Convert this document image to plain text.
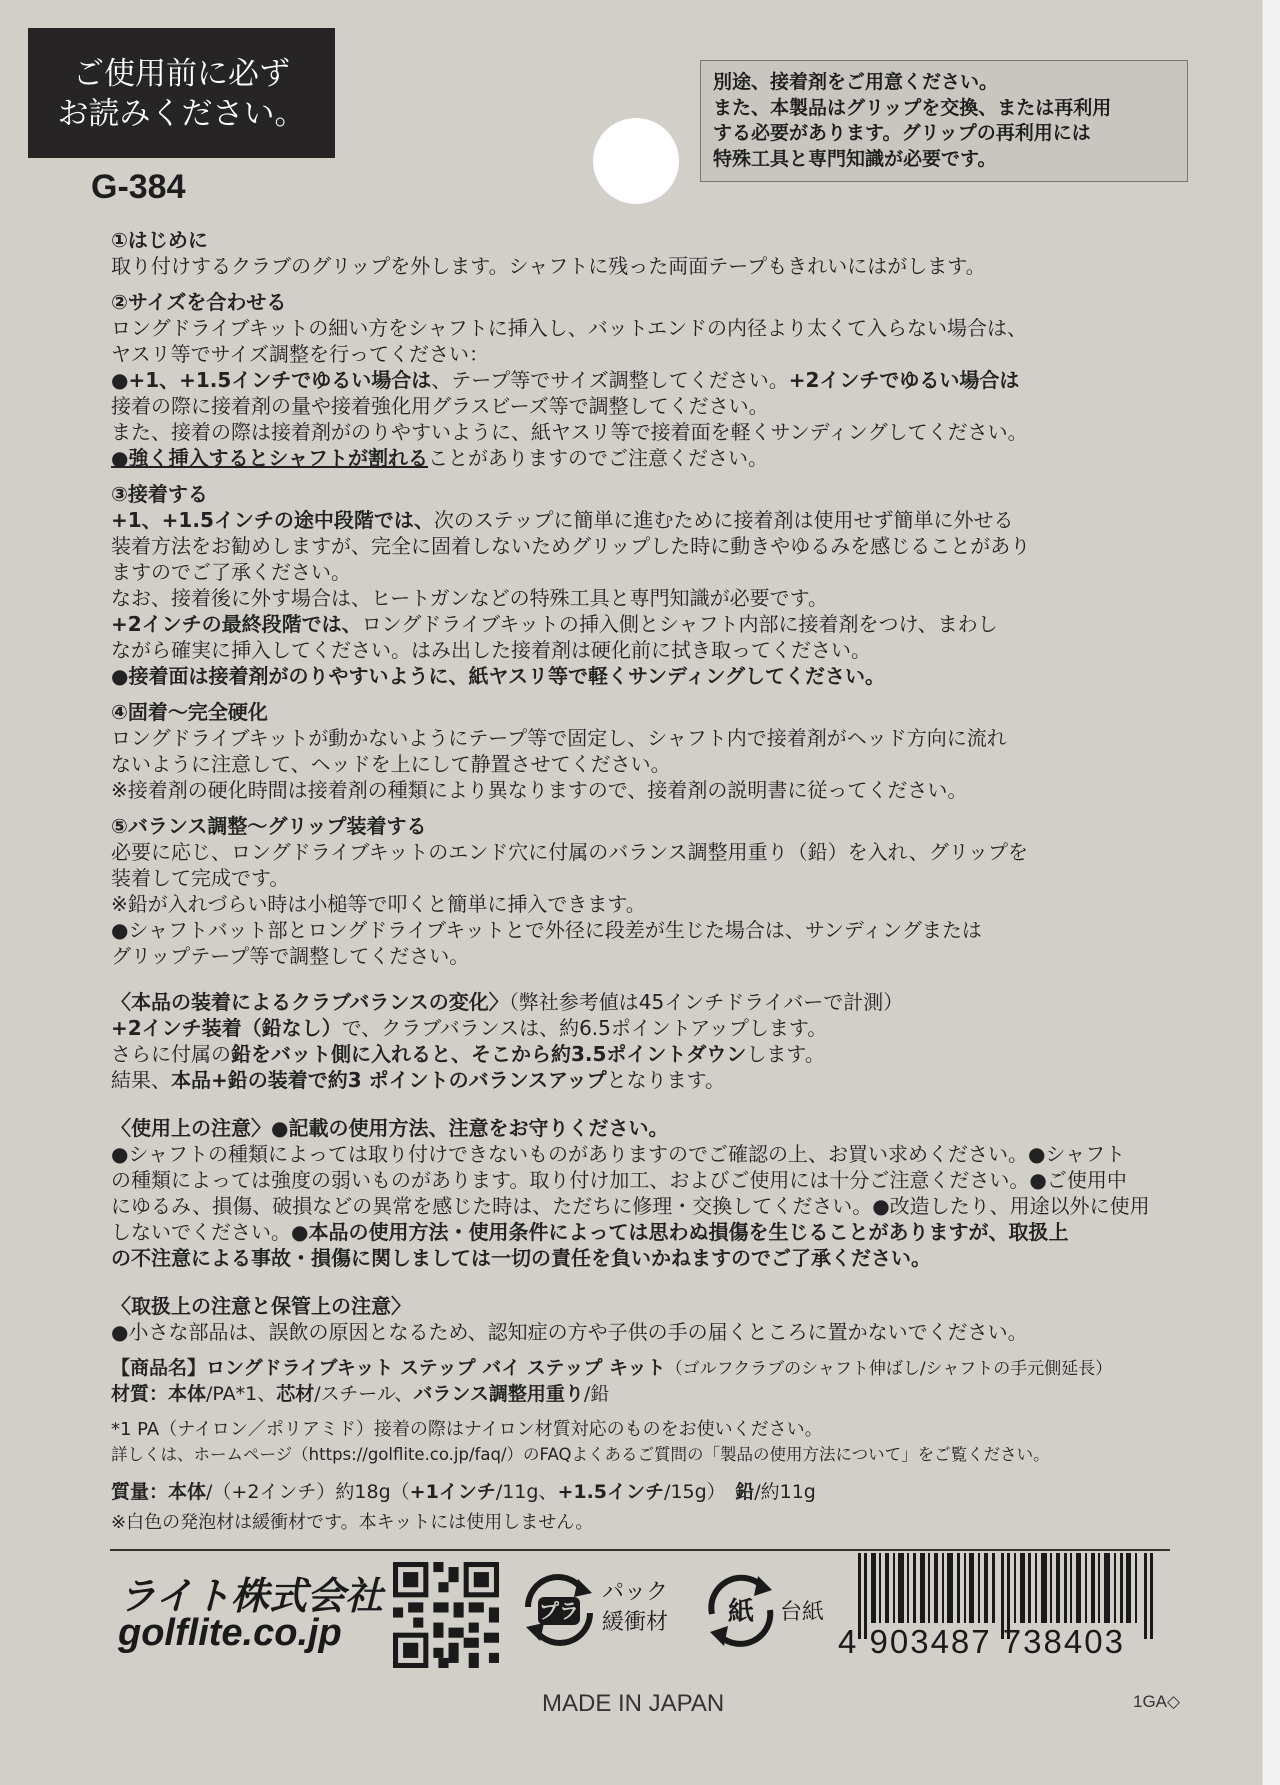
ご使用前に必ず
お読みください。
別途、接着剤をご用意ください。
また、本製品はグリップを交換、または再利用
する必要があります。グリップの再利用には
特殊工具と専門知識が必要です。
G-384
①はじめに
取り付けするクラブのグリップを外します。シャフトに残った両面テープもきれいにはがします。
②サイズを合わせる
ロングドライブキットの細い方をシャフトに挿入し、バットエンドの内径より太くて入らない場合は、
ヤスリ等でサイズ調整を行ってください：
●+1、+1.5インチでゆるい場合は、テープ等でサイズ調整してください。+2インチでゆるい場合は
接着の際に接着剤の量や接着強化用グラスビーズ等で調整してください。
また、接着の際は接着剤がのりやすいように、紙ヤスリ等で接着面を軽くサンディングしてください。
●強く挿入するとシャフトが割れることがありますのでご注意ください。
③接着する
+1、+1.5インチの途中段階では、次のステップに簡単に進むために接着剤は使用せず簡単に外せる
装着方法をお勧めしますが、完全に固着しないためグリップした時に動きやゆるみを感じることがあり
ますのでご了承ください。
なお、接着後に外す場合は、ヒートガンなどの特殊工具と専門知識が必要です。
+2インチの最終段階では、ロングドライブキットの挿入側とシャフト内部に接着剤をつけ、まわし
ながら確実に挿入してください。はみ出した接着剤は硬化前に拭き取ってください。
●接着面は接着剤がのりやすいように、紙ヤスリ等で軽くサンディングしてください。
④固着～完全硬化
ロングドライブキットが動かないようにテープ等で固定し、シャフト内で接着剤がヘッド方向に流れ
ないように注意して、ヘッドを上にして静置させてください。
※接着剤の硬化時間は接着剤の種類により異なりますので、接着剤の説明書に従ってください。
⑤バランス調整～グリップ装着する
必要に応じ、ロングドライブキットのエンド穴に付属のバランス調整用重り（鉛）を入れ、グリップを
装着して完成です。
※鉛が入れづらい時は小槌等で叩くと簡単に挿入できます。
●シャフトバット部とロングドライブキットとで外径に段差が生じた場合は、サンディングまたは
グリップテープ等で調整してください。
〈本品の装着によるクラブバランスの変化〉（弊社参考値は45インチドライバーで計測）
+2インチ装着（鉛なし）で、クラブバランスは、約6.5ポイントアップします。
さらに付属の鉛をバット側に入れると、そこから約3.5ポイントダウンします。
結果、本品+鉛の装着で約3 ポイントのバランスアップとなります。
〈使用上の注意〉●記載の使用方法、注意をお守りください。
●シャフトの種類によっては取り付けできないものがありますのでご確認の上、お買い求めください。●シャフト
の種類によっては強度の弱いものがあります。取り付け加工、およびご使用には十分ご注意ください。●ご使用中
にゆるみ、損傷、破損などの異常を感じた時は、ただちに修理・交換してください。●改造したり、用途以外に使用
しないでください。●本品の使用方法・使用条件によっては思わぬ損傷を生じることがありますが、取扱上
の不注意による事故・損傷に関しましては一切の責任を負いかねますのでご了承ください。
〈取扱上の注意と保管上の注意〉
●小さな部品は、誤飲の原因となるため、認知症の方や子供の手の届くところに置かないでください。
【商品名】ロングドライブキット ステップ バイ ステップ キット（ゴルフクラブのシャフト伸ばし/シャフトの手元側延長）
材質：本体/PA*1、芯材/スチール、バランス調整用重り/鉛
*1 PA（ナイロン／ポリアミド）接着の際はナイロン材質対応のものをお使いください。
詳しくは、ホームページ（https://golflite.co.jp/faq/）のFAQよくあるご質問の「製品の使用方法について」をご覧ください。
質量：本体/（+2インチ）約18g（+1インチ/11g、+1.5インチ/15g）　鉛/約11g
※白色の発泡材は緩衝材です。本キットには使用しません。
ライト株式会社
golflite.co.jp
プラ
パック
緩衝材 紙 台紙
4 903487 738403
MADE IN JAPAN	1GA◇
